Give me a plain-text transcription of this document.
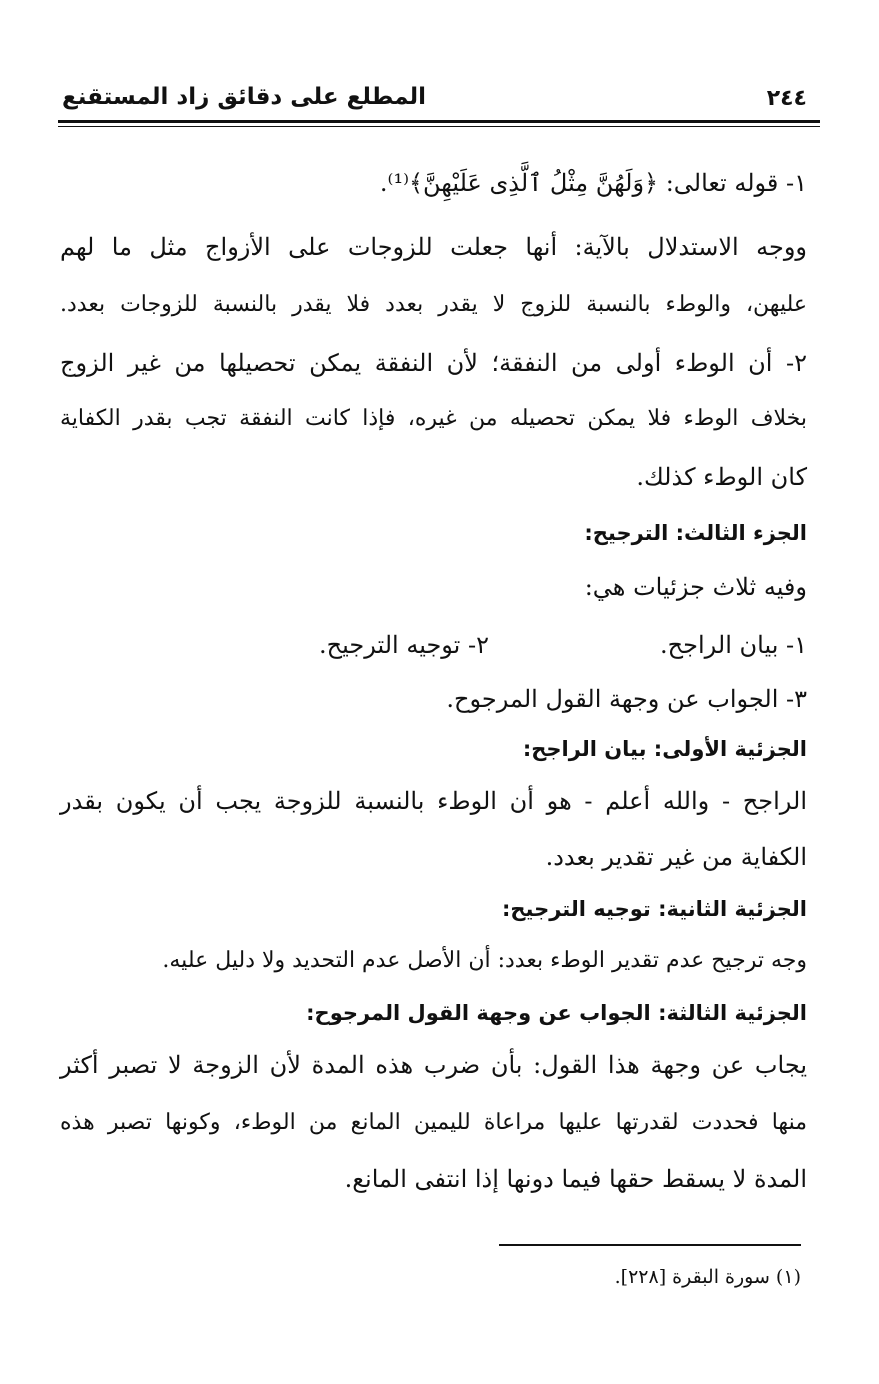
٢٤٤
المطلع على دقائق زاد المستقنع
١- قوله تعالى: ﴿وَلَهُنَّ مِثْلُ ٱلَّذِى عَلَيْهِنَّ﴾⁽¹⁾.
ووجه الاستدلال بالآية: أنها جعلت للزوجات على الأزواج مثل ما لهم
عليهن، والوطء بالنسبة للزوج لا يقدر بعدد فلا يقدر بالنسبة للزوجات بعدد.
٢- أن الوطء أولى من النفقة؛ لأن النفقة يمكن تحصيلها من غير الزوج
بخلاف الوطء فلا يمكن تحصيله من غيره، فإذا كانت النفقة تجب بقدر الكفاية
كان الوطء كذلك.
الجزء الثالث: الترجيح:
وفيه ثلاث جزئيات هي:
١- بيان الراجح.
٢- توجيه الترجيح.
٣- الجواب عن وجهة القول المرجوح.
الجزئية الأولى: بيان الراجح:
الراجح - والله أعلم - هو أن الوطء بالنسبة للزوجة يجب أن يكون بقدر
الكفاية من غير تقدير بعدد.
الجزئية الثانية: توجيه الترجيح:
وجه ترجيح عدم تقدير الوطء بعدد: أن الأصل عدم التحديد ولا دليل عليه.
الجزئية الثالثة: الجواب عن وجهة القول المرجوح:
يجاب عن وجهة هذا القول: بأن ضرب هذه المدة لأن الزوجة لا تصبر أكثر
منها فحددت لقدرتها عليها مراعاة لليمين المانع من الوطء، وكونها تصبر هذه
المدة لا يسقط حقها فيما دونها إذا انتفى المانع.
(١) سورة البقرة [٢٢٨].
